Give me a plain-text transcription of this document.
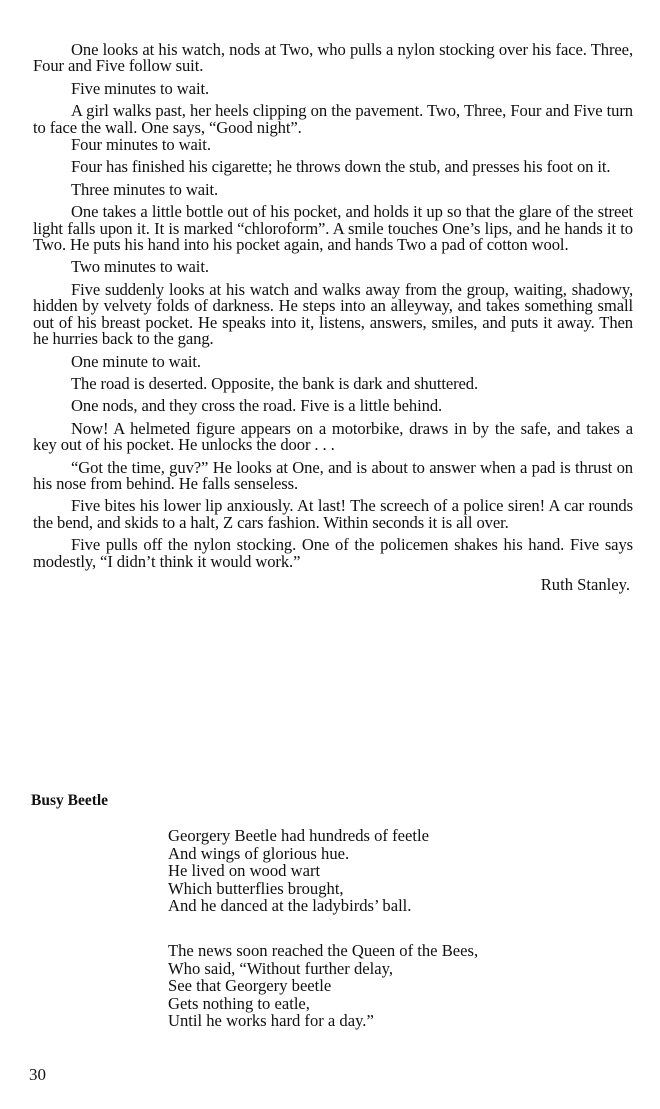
One looks at his watch, nods at Two, who pulls a nylon stocking over his face. Three, Four and Five follow suit.

Five minutes to wait.

A girl walks past, her heels clipping on the pavement. Two, Three, Four and Five turn to face the wall. One says, “Good night”.

Four minutes to wait.

Four has finished his cigarette; he throws down the stub, and presses his foot on it.

Three minutes to wait.

One takes a little bottle out of his pocket, and holds it up so that the glare of the street light falls upon it. It is marked “chloroform”. A smile touches One’s lips, and he hands it to Two. He puts his hand into his pocket again, and hands Two a pad of cotton wool.

Two minutes to wait.

Five suddenly looks at his watch and walks away from the group, waiting, shadowy, hidden by velvety folds of darkness. He steps into an alleyway, and takes something small out of his breast pocket. He speaks into it, listens, answers, smiles, and puts it away. Then he hurries back to the gang.

One minute to wait.

The road is deserted. Opposite, the bank is dark and shuttered.

One nods, and they cross the road. Five is a little behind.

Now! A helmeted figure appears on a motorbike, draws in by the safe, and takes a key out of his pocket. He unlocks the door . . .

“Got the time, guv?” He looks at One, and is about to answer when a pad is thrust on his nose from behind. He falls senseless.

Five bites his lower lip anxiously. At last! The screech of a police siren! A car rounds the bend, and skids to a halt, Z cars fashion. Within seconds it is all over.

Five pulls off the nylon stocking. One of the policemen shakes his hand. Five says modestly, “I didn’t think it would work.”

Ruth Stanley.
Busy Beetle
Georgery Beetle had hundreds of feetle
And wings of glorious hue.
He lived on wood wart
Which butterflies brought,
And he danced at the ladybirds’ ball.
The news soon reached the Queen of the Bees,
Who said, “Without further delay,
See that Georgery beetle
Gets nothing to eatle,
Until he works hard for a day.”
30
